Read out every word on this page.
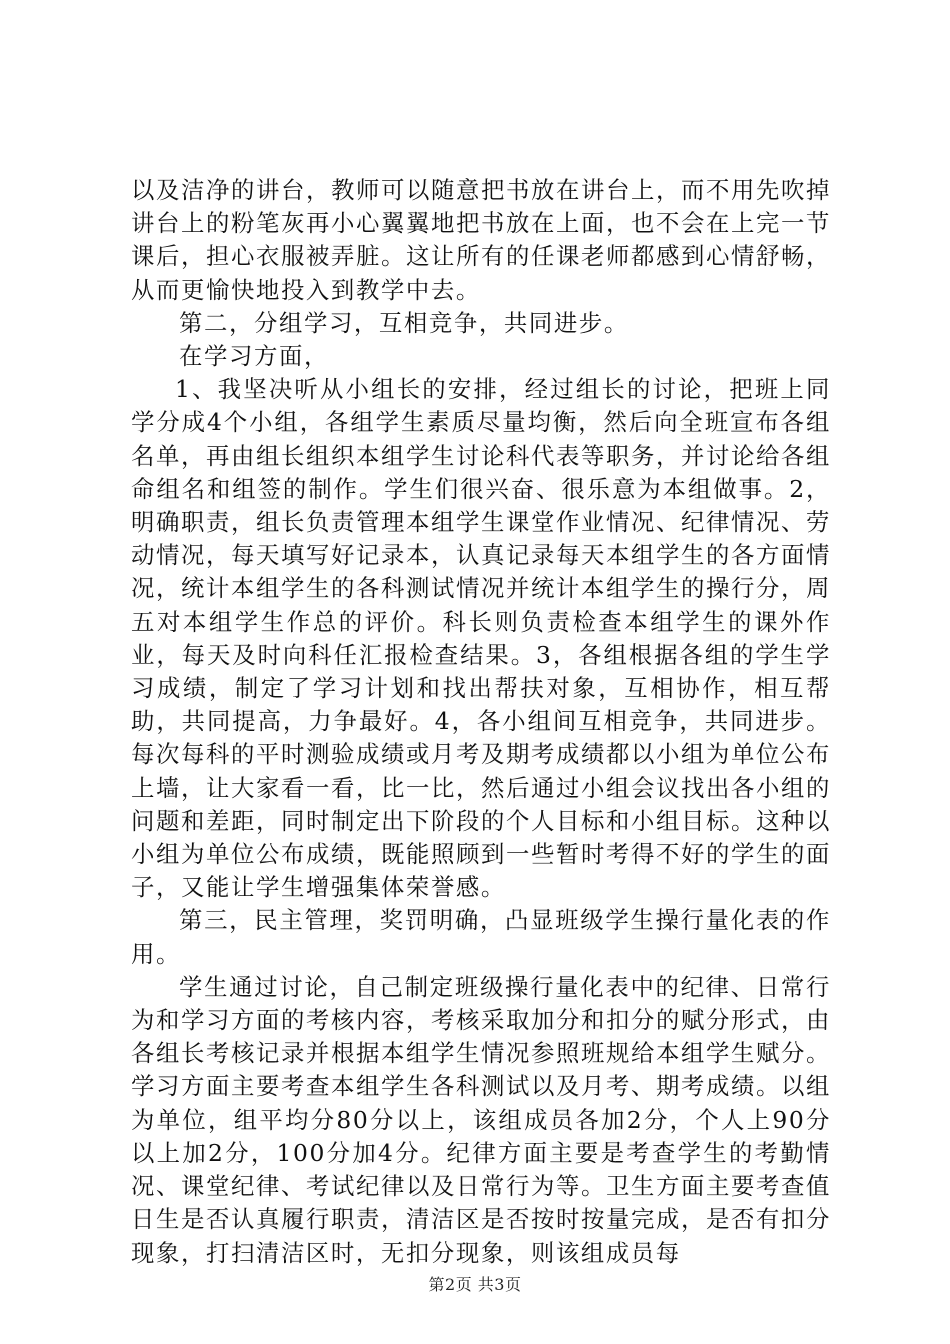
以及洁净的讲台，教师可以随意把书放在讲台上，而不用先吹掉讲台上的粉笔灰再小心翼翼地把书放在上面，也不会在上完一节课后，担心衣服被弄脏。这让所有的任课老师都感到心情舒畅，从而更愉快地投入到教学中去。

第二，分组学习，互相竞争，共同进步。

在学习方面，

1、我坚决听从小组长的安排，经过组长的讨论，把班上同学分成4个小组，各组学生素质尽量均衡，然后向全班宣布各组名单，再由组长组织本组学生讨论科代表等职务，并讨论给各组命组名和组签的制作。学生们很兴奋、很乐意为本组做事。2，明确职责，组长负责管理本组学生课堂作业情况、纪律情况、劳动情况，每天填写好记录本，认真记录每天本组学生的各方面情况，统计本组学生的各科测试情况并统计本组学生的操行分，周五对本组学生作总的评价。科长则负责检查本组学生的课外作业，每天及时向科任汇报检查结果。3，各组根据各组的学生学习成绩，制定了学习计划和找出帮扶对象，互相协作，相互帮助，共同提高，力争最好。4，各小组间互相竞争，共同进步。每次每科的平时测验成绩或月考及期考成绩都以小组为单位公布上墙，让大家看一看，比一比，然后通过小组会议找出各小组的问题和差距，同时制定出下阶段的个人目标和小组目标。这种以小组为单位公布成绩，既能照顾到一些暂时考得不好的学生的面子，又能让学生增强集体荣誉感。

第三，民主管理，奖罚明确，凸显班级学生操行量化表的作用。

学生通过讨论，自己制定班级操行量化表中的纪律、日常行为和学习方面的考核内容，考核采取加分和扣分的赋分形式，由各组长考核记录并根据本组学生情况参照班规给本组学生赋分。学习方面主要考查本组学生各科测试以及月考、期考成绩。以组为单位，组平均分80分以上，该组成员各加2分，个人上90分以上加2分，100分加4分。纪律方面主要是考查学生的考勤情况、课堂纪律、考试纪律以及日常行为等。卫生方面主要考查值日生是否认真履行职责，清洁区是否按时按量完成，是否有扣分现象，打扫清洁区时，无扣分现象，则该组成员每

第2页 共3页
